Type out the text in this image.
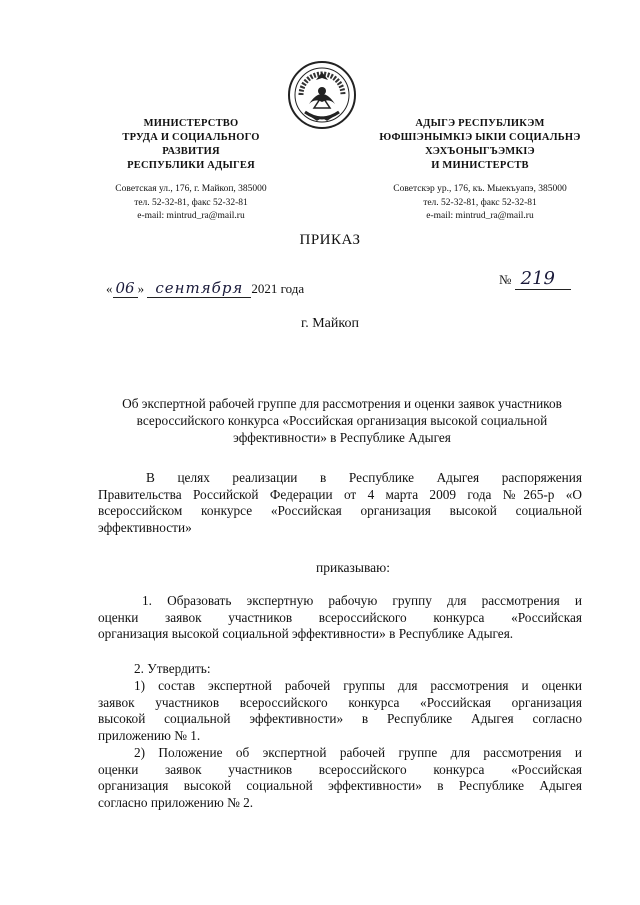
МИНИСТЕРСТВО
ТРУДА И СОЦИАЛЬНОГО
РАЗВИТИЯ
РЕСПУБЛИКИ АДЫГЕЯ
Советская ул., 176, г. Майкоп, 385000
тел. 52-32-81, факс 52-32-81
e-mail: mintrud_ra@mail.ru
АДЫГЭ РЕСПУБЛИКЭМ
ЮФШІЭНЫМКІЭ ЫКІИ СОЦИАЛЬНЭ
ХЭХЪОНЫГЪЭМКІЭ
И МИНИСТЕРСТВ
Советскэр ур., 176, къ. Мыекъуапэ, 385000
тел. 52-32-81, факс 52-32-81
e-mail: mintrud_ra@mail.ru
ПРИКАЗ
« 06 » сентября 2021 года
№ 219
г. Майкоп
Об экспертной рабочей группе для рассмотрения и оценки заявок участников
всероссийского конкурса «Российская организация высокой социальной
эффективности» в Республике Адыгея
В целях реализации в Республике Адыгея распоряжения
Правительства Российской Федерации от 4 марта 2009 года №265-р «О
всероссийском конкурсе «Российская организация высокой социальной
эффективности»
приказываю:
1. Образовать экспертную рабочую группу для рассмотрения и
оценки заявок участников всероссийского конкурса «Российская
организация высокой социальной эффективности» в Республике Адыгея.
2. Утвердить:
1) состав экспертной рабочей группы для рассмотрения и оценки
заявок участников всероссийского конкурса «Российская организация
высокой социальной эффективности» в Республике Адыгея согласно
приложению № 1.
2) Положение об экспертной рабочей группе для рассмотрения и
оценки заявок участников всероссийского конкурса «Российская
организация высокой социальной эффективности» в Республике Адыгея
согласно приложению № 2.
